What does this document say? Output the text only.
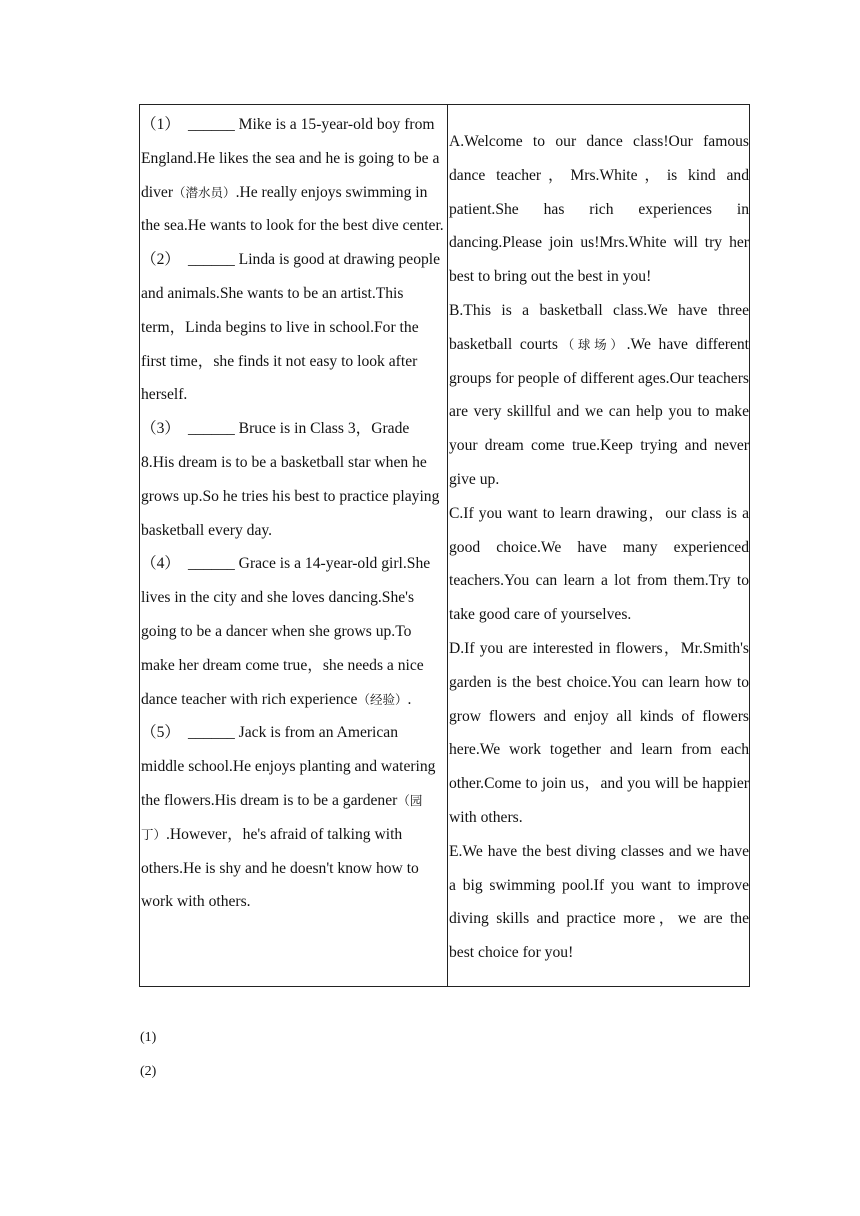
（1） ______ Mike is a 15-year-old boy from England.He likes the sea and he is going to be a diver（潜水员）.He really enjoys swimming in the sea.He wants to look for the best dive center.
（2） ______ Linda is good at drawing people and animals.She wants to be an artist.This term，Linda begins to live in school.For the first time，she finds it not easy to look after herself.
（3） ______ Bruce is in Class 3，Grade 8.His dream is to be a basketball star when he grows up.So he tries his best to practice playing basketball every day.
（4） ______ Grace is a 14-year-old girl.She lives in the city and she loves dancing.She's going to be a dancer when she grows up.To make her dream come true，she needs a nice dance teacher with rich experience（经验）.
（5） ______ Jack is from an American middle school.He enjoys planting and watering the flowers.His dream is to be a gardener（园丁）.However，he's afraid of talking with others.He is shy and he doesn't know how to work with others.
A.Welcome to our dance class!Our famous dance teacher，Mrs.White，is kind and patient.She has rich experiences in dancing.Please join us!Mrs.White will try her best to bring out the best in you!
B.This is a basketball class.We have three basketball courts（球场）.We have different groups for people of different ages.Our teachers are very skillful and we can help you to make your dream come true.Keep trying and never give up.
C.If you want to learn drawing，our class is a good choice.We have many experienced teachers.You can learn a lot from them.Try to take good care of yourselves.
D.If you are interested in flowers，Mr.Smith's garden is the best choice.You can learn how to grow flowers and enjoy all kinds of flowers here.We work together and learn from each other.Come to join us，and you will be happier with others.
E.We have the best diving classes and we have a big swimming pool.If you want to improve diving skills and practice more，we are the best choice for you!
(1)
(2)
